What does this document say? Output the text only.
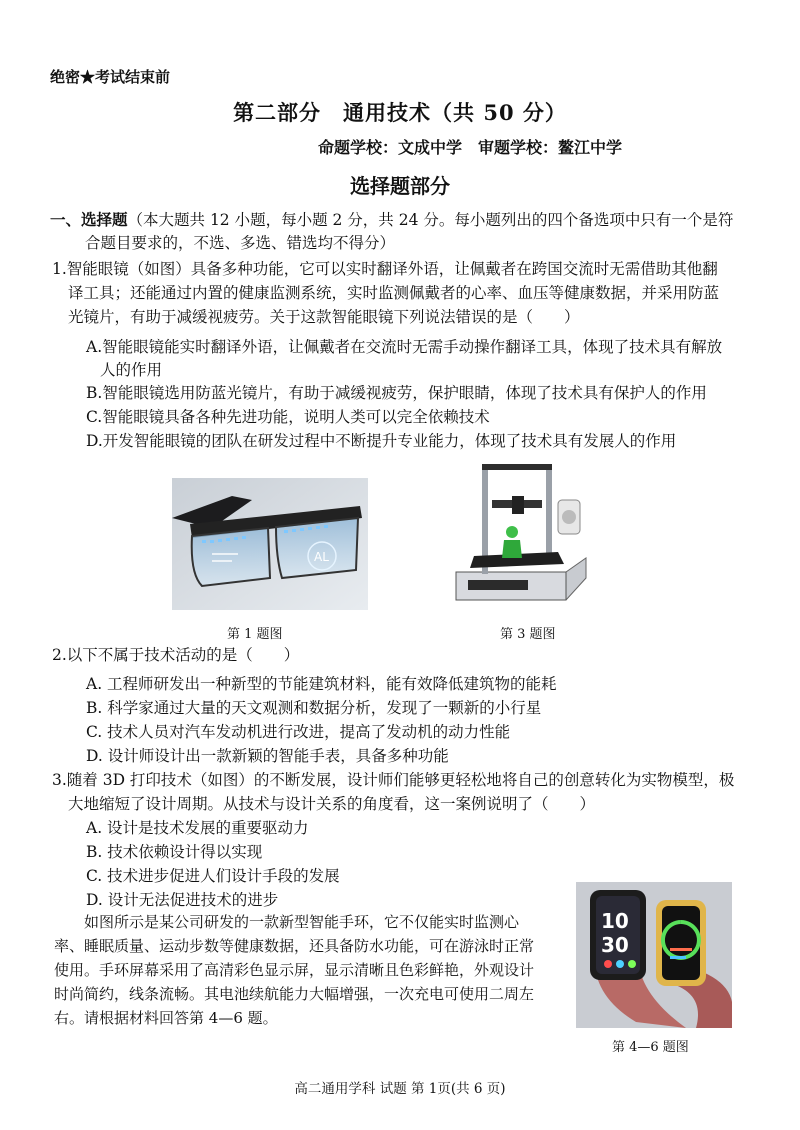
绝密★考试结束前
第二部分　通用技术（共 50 分）
命题学校：文成中学　审题学校：鳌江中学
选择题部分
一、选择题（本大题共 12 小题，每小题 2 分，共 24 分。每小题列出的四个备选项中只有一个是符
合题目要求的，不选、多选、错选均不得分）
1.智能眼镜（如图）具备多种功能，它可以实时翻译外语，让佩戴者在跨国交流时无需借助其他翻
译工具；还能通过内置的健康监测系统，实时监测佩戴者的心率、血压等健康数据，并采用防蓝
光镜片，有助于减缓视疲劳。关于这款智能眼镜下列说法错误的是（　　）
A.智能眼镜能实时翻译外语，让佩戴者在交流时无需手动操作翻译工具，体现了技术具有解放
人的作用
B.智能眼镜选用防蓝光镜片，有助于减缓视疲劳，保护眼睛，体现了技术具有保护人的作用
C.智能眼镜具备各种先进功能，说明人类可以完全依赖技术
D.开发智能眼镜的团队在研发过程中不断提升专业能力，体现了技术具有发展人的作用
AL
第 1 题图	第 3 题图
2.以下不属于技术活动的是（　　）
A. 工程师研发出一种新型的节能建筑材料，能有效降低建筑物的能耗
B. 科学家通过大量的天文观测和数据分析，发现了一颗新的小行星
C. 技术人员对汽车发动机进行改进，提高了发动机的动力性能
D. 设计师设计出一款新颖的智能手表，具备多种功能
3.随着 3D 打印技术（如图）的不断发展，设计师们能够更轻松地将自己的创意转化为实物模型，极
大地缩短了设计周期。从技术与设计关系的角度看，这一案例说明了（　　）
A. 设计是技术发展的重要驱动力
B. 技术依赖设计得以实现
C. 技术进步促进人们设计手段的发展
D. 设计无法促进技术的进步
　　如图所示是某公司研发的一款新型智能手环，它不仅能实时监测心
率、睡眠质量、运动步数等健康数据，还具备防水功能，可在游泳时正常
使用。手环屏幕采用了高清彩色显示屏，显示清晰且色彩鲜艳，外观设计
时尚简约，线条流畅。其电池续航能力大幅增强，一次充电可使用二周左
右。请根据材料回答第 4—6 题。
10
30
第 4—6 题图
高二通用学科 试题 第 1页(共 6 页)
